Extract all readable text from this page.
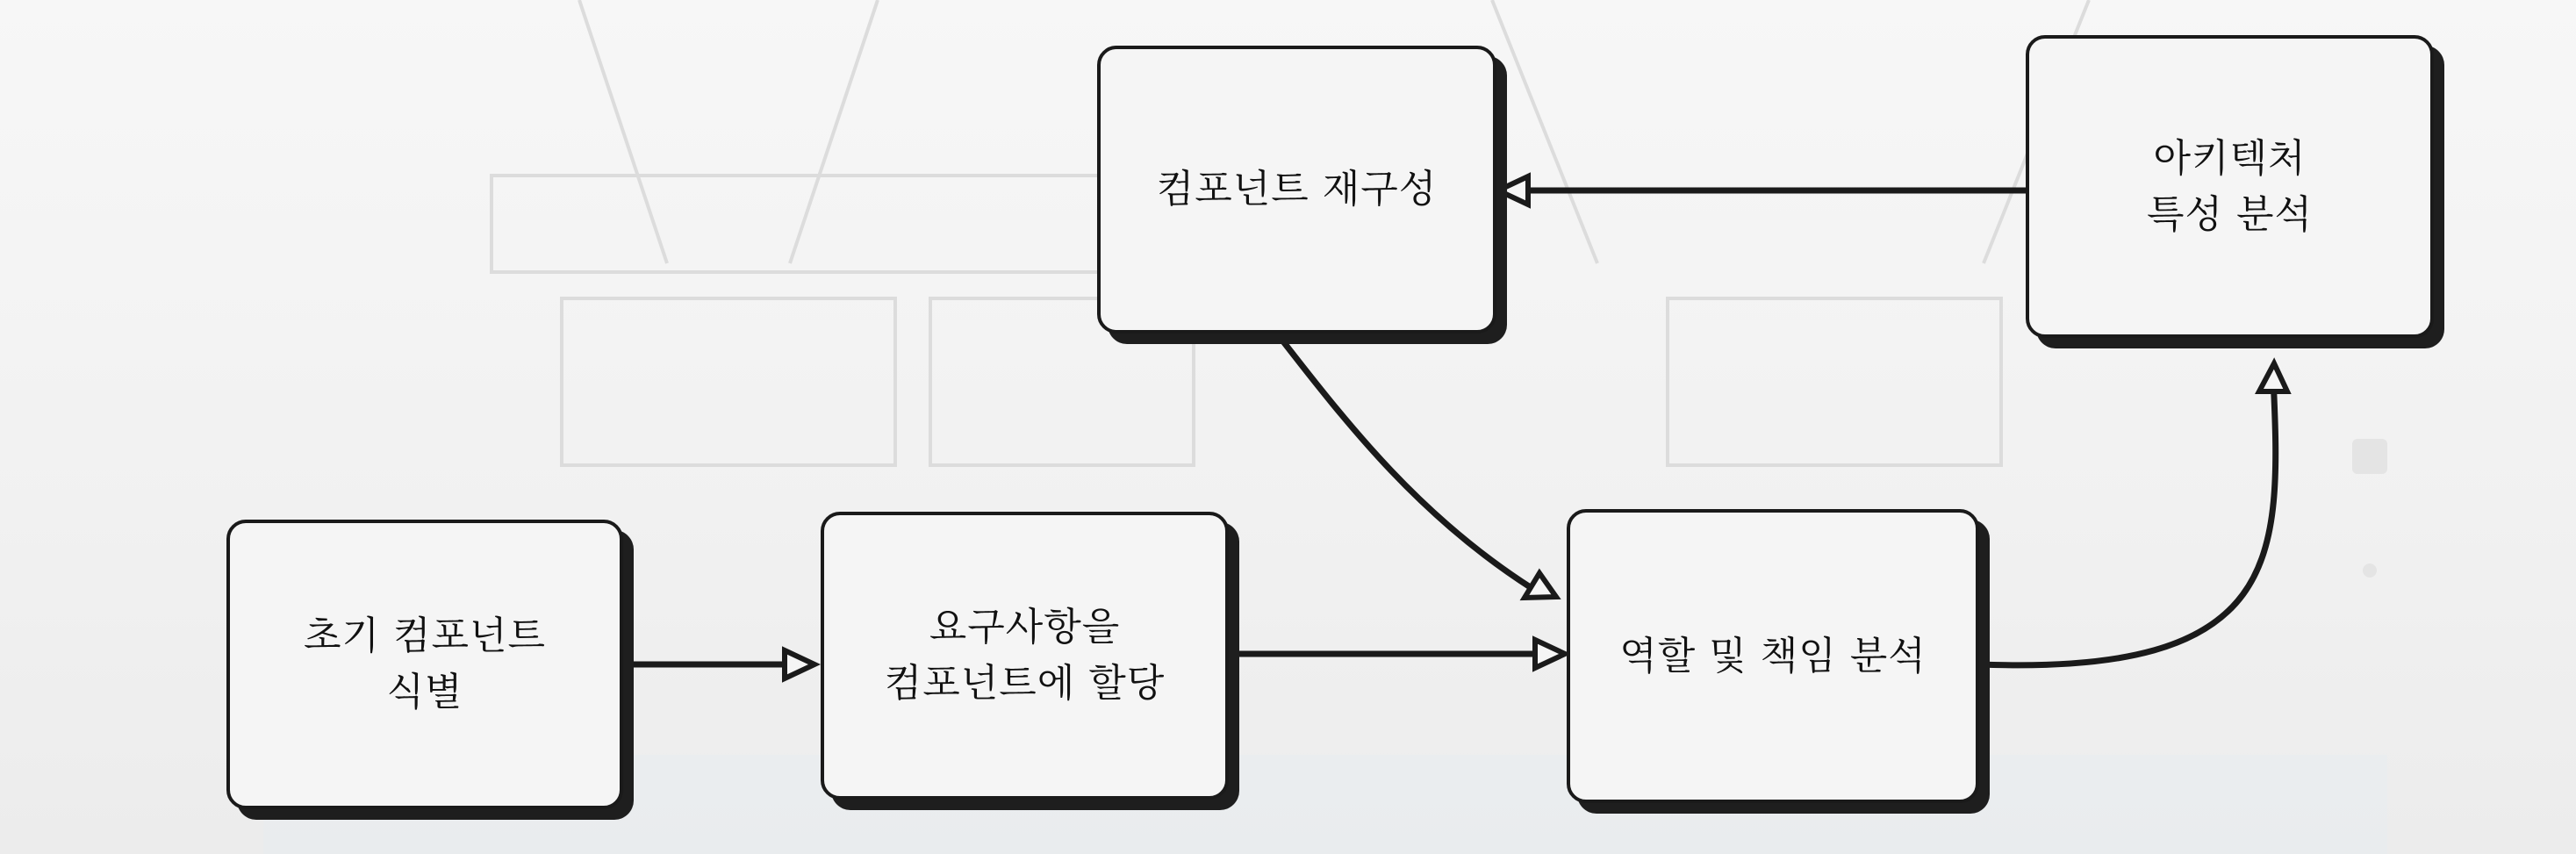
초기 컴포넌트
식별
요구사항을
컴포넌트에 할당
역할 및 책임 분석
컴포넌트 재구성
아키텍처
특성 분석
